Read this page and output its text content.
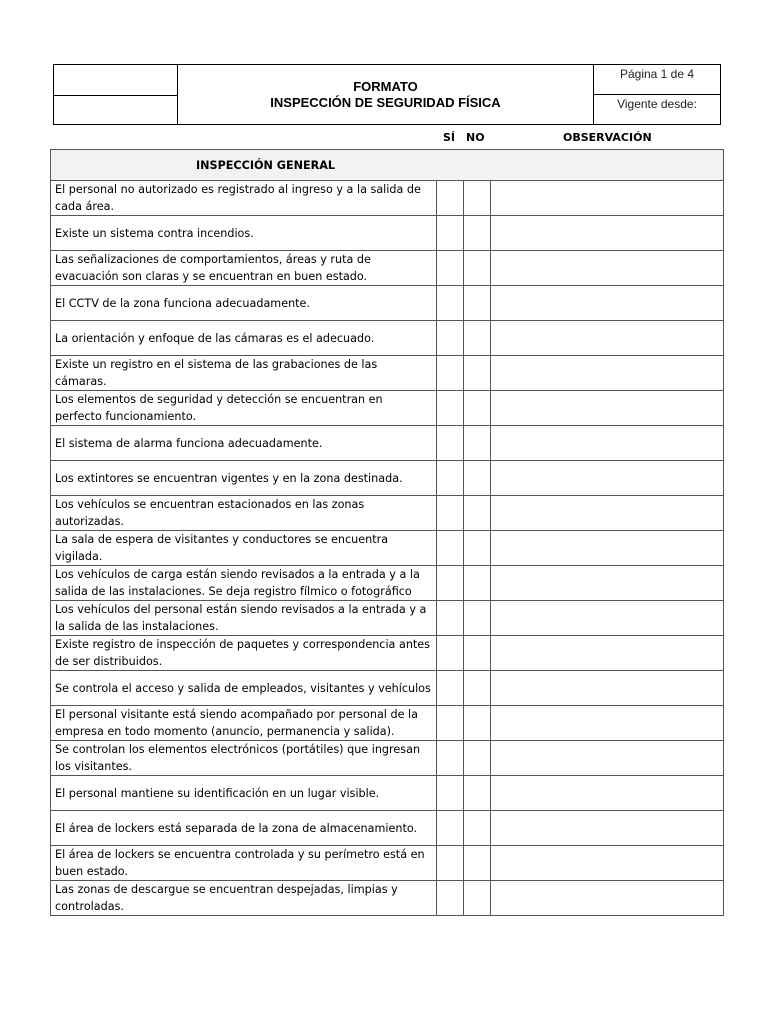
FORMATO
INSPECCIÓN DE SEGURIDAD FÍSICA
Página 1 de 4
Vigente desde:
SÍ NO	OBSERVACIÓN
INSPECCIÓN GENERAL			
El personal no autorizado es registrado al ingreso y a la salida de cada área.			
Existe un sistema contra incendios.			
Las señalizaciones de comportamientos, áreas y ruta de evacuación son claras y se encuentran en buen estado.			
El CCTV de la zona funciona adecuadamente.			
La orientación y enfoque de las cámaras es el adecuado.			
Existe un registro en el sistema de las grabaciones de las cámaras.			
Los elementos de seguridad y detección se encuentran en perfecto funcionamiento.			
El sistema de alarma funciona adecuadamente.			
Los extintores se encuentran vigentes y en la zona destinada.			
Los vehículos se encuentran estacionados en las zonas autorizadas.			
La sala de espera de visitantes y conductores se encuentra vigilada.			
Los vehículos de carga están siendo revisados a la entrada y a la salida de las instalaciones. Se deja registro fílmico o fotográfico			
Los vehículos del personal están siendo revisados a la entrada y a la salida de las instalaciones.			
Existe registro de inspección de paquetes y correspondencia antes de ser distribuidos.			
Se controla el acceso y salida de empleados, visitantes y vehículos			
El personal visitante está siendo acompañado por personal de la empresa en todo momento (anuncio, permanencia y salida).			
Se controlan los elementos electrónicos (portátiles) que ingresan los visitantes.			
El personal mantiene su identificación en un lugar visible.			
El área de lockers está separada de la zona de almacenamiento.			
El área de lockers se encuentra controlada y su perímetro está en buen estado.			
Las zonas de descargue se encuentran despejadas, limpias y controladas.			
